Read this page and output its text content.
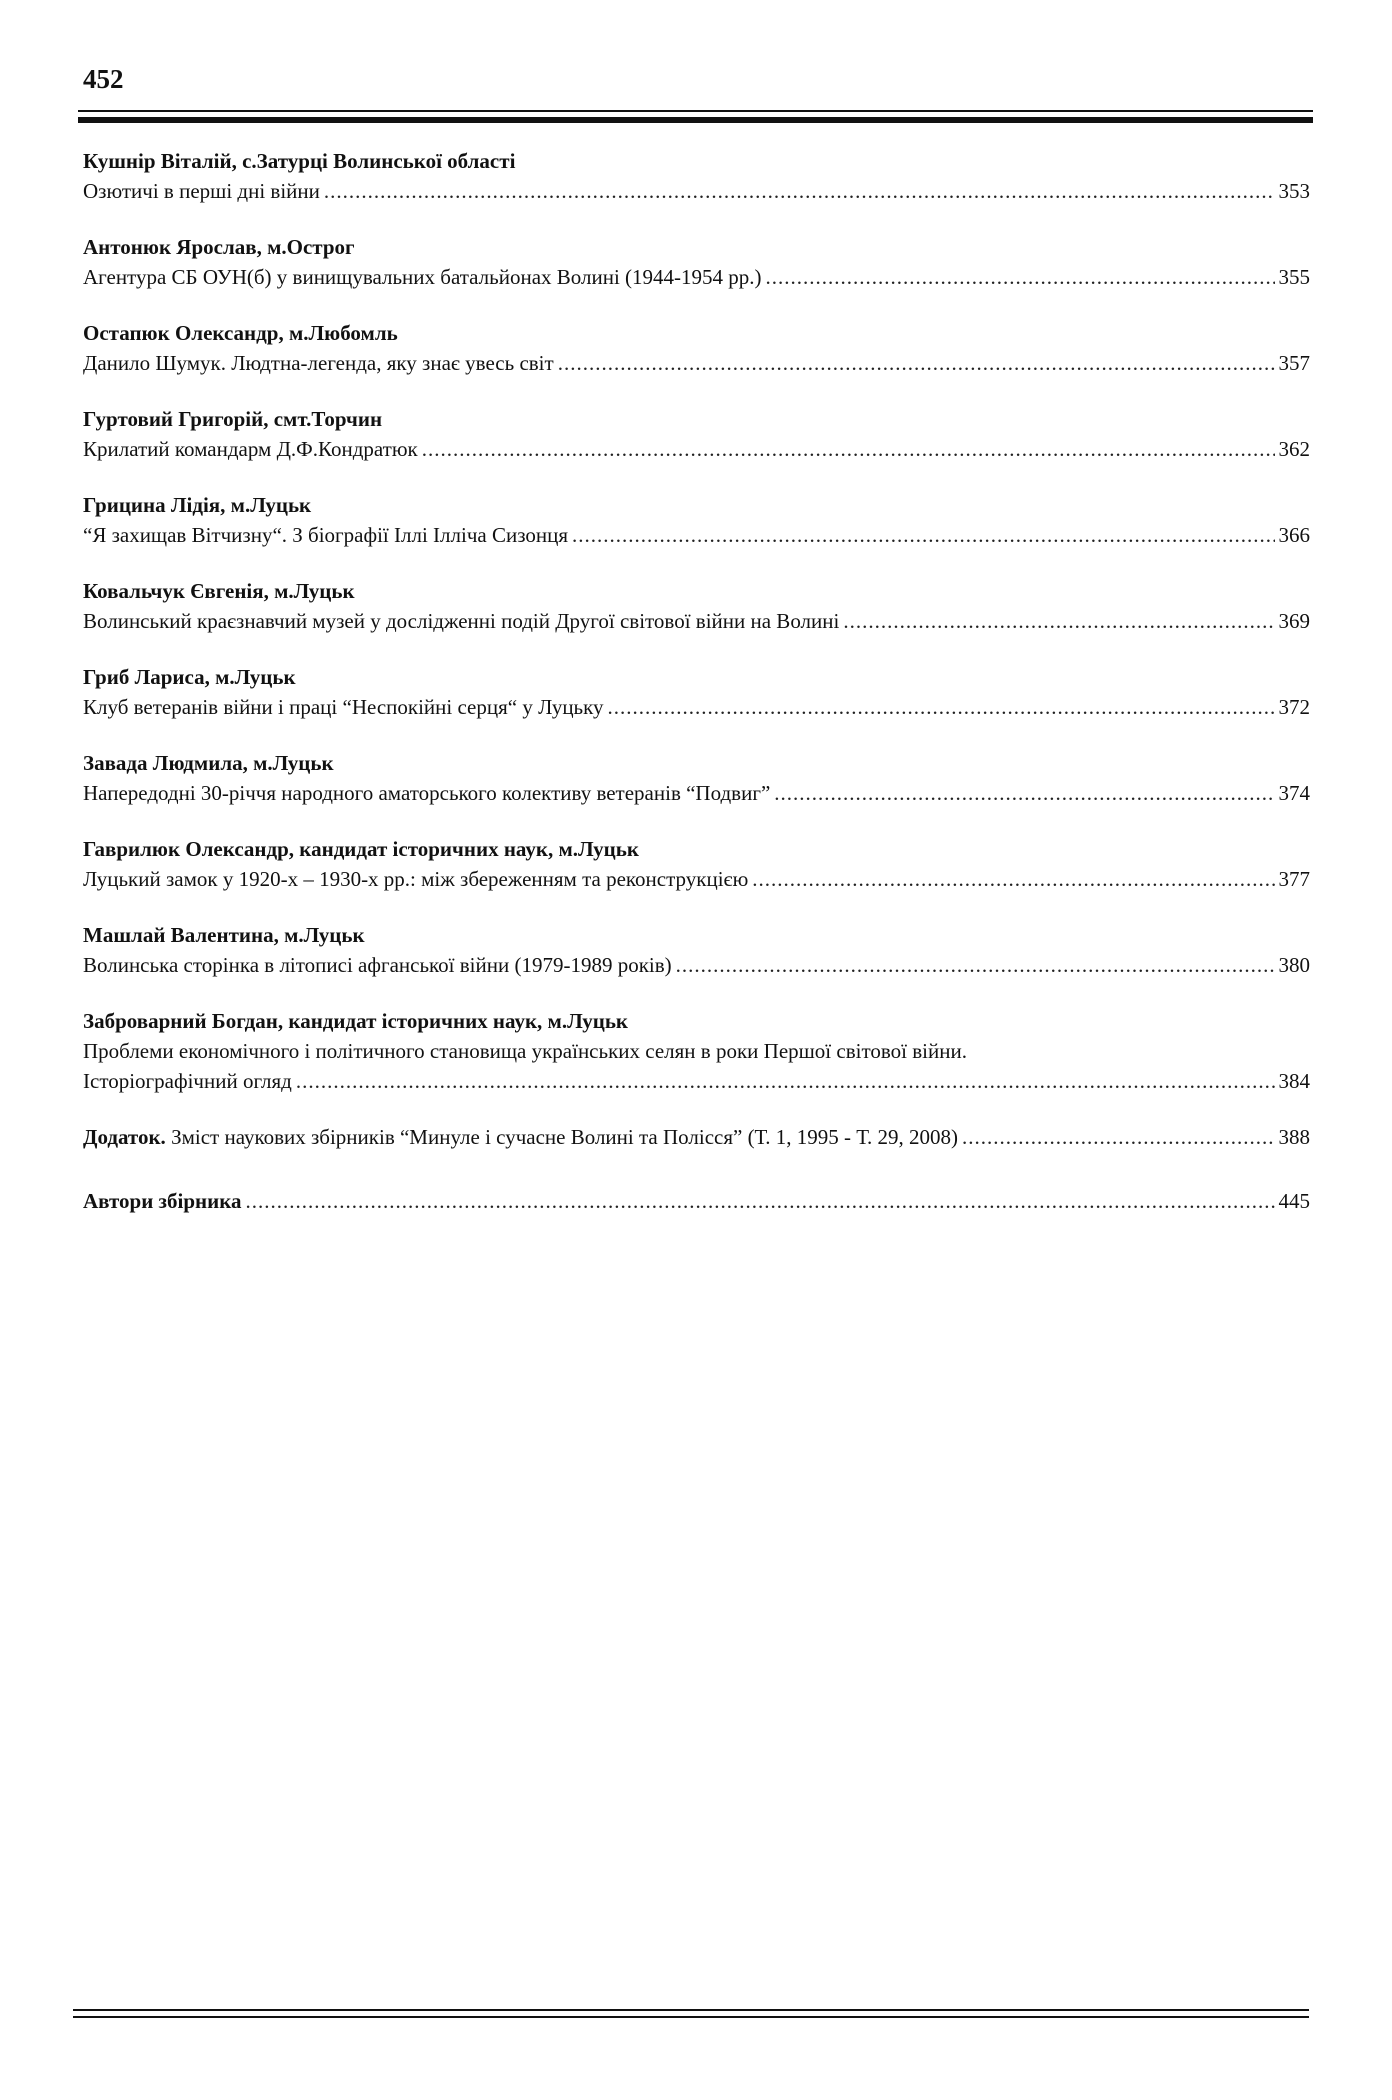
452
Кушнір Віталій, с.Затурці Волинської області
Озютичі в перші дні війни .....	353
Антонюк Ярослав, м.Острог
Агентура СБ ОУН(б) у винищувальних батальйонах Волині (1944-1954 рр.) .....	355
Остапюк Олександр, м.Любомль
Данило Шумук. Людтна-легенда, яку знає увесь світ .....	357
Гуртовий Григорій, смт.Торчин
Крилатий командарм Д.Ф.Кондратюк .....	362
Грицина Лідія, м.Луцьк
“Я захищав Вітчизну“. З біографії Іллі Ілліча Сизонця .....	366
Ковальчук Євгенія, м.Луцьк
Волинський краєзнавчий музей у дослідженні подій Другої світової війни на Волині .....	369
Гриб Лариса, м.Луцьк
Клуб ветеранів війни і праці “Неспокійні серця“ у Луцьку .....	372
Завада Людмила, м.Луцьк
Напередодні 30-річчя народного аматорського колективу ветеранів “Подвиг” .....	374
Гаврилюк Олександр, кандидат історичних наук, м.Луцьк
Луцький замок у 1920-х – 1930-х рр.: між збереженням та реконструкцією .....	377
Машлай Валентина, м.Луцьк
Волинська сторінка в літописі афганської війни (1979-1989 років) .....	380
Заброварний Богдан, кандидат історичних наук, м.Луцьк
Проблеми економічного і політичного становища українських селян в роки Першої світової війни.
Історіографічний огляд .....	384
Додаток. Зміст наукових збірників “Минуле і сучасне Волині та Полісся” (Т. 1, 1995 - Т. 29, 2008) .....	388
Автори збірника .....	445
